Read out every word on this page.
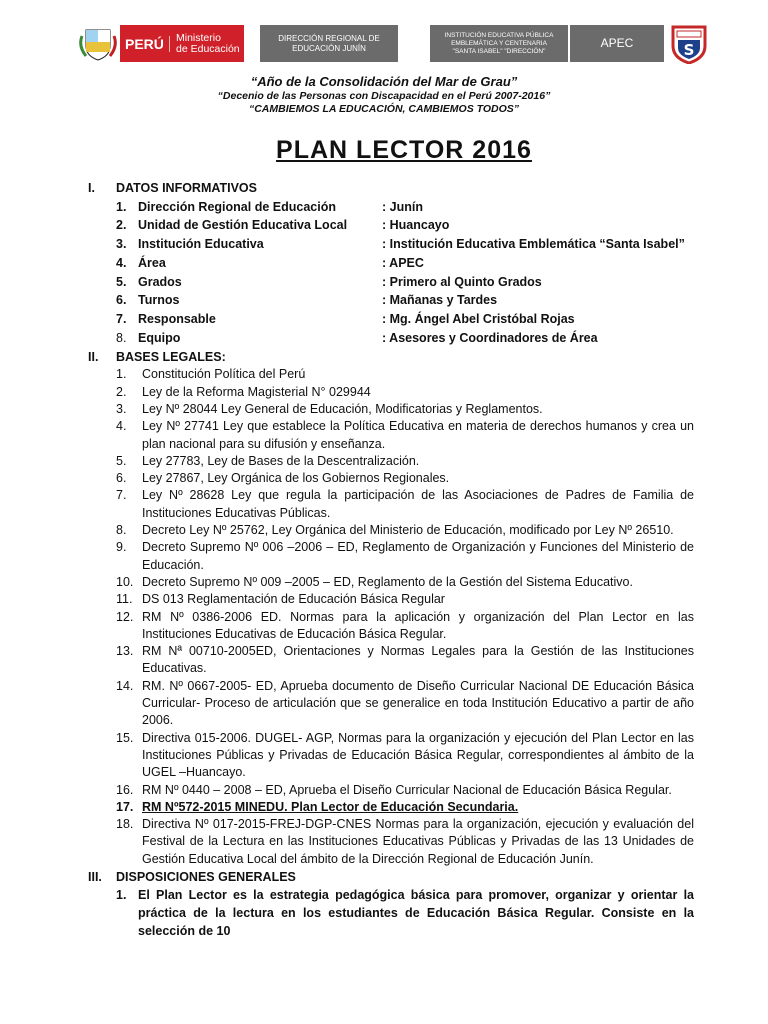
PERÚ	Ministerio
de Educación
DIRECCIÓN REGIONAL DE
EDUCACIÓN JUNÍN
INSTITUCIÓN EDUCATIVA PÚBLICA
EMBLEMÁTICA Y CENTENARIA
"SANTA ISABEL" "DIRECCIÓN"
APEC	S
“Año de la Consolidación del Mar de Grau”
“Decenio de las Personas con Discapacidad en el Perú 2007-2016”
“CAMBIEMOS LA EDUCACIÓN, CAMBIEMOS TODOS”
PLAN LECTOR 2016
I. DATOS INFORMATIVOS
1. Dirección Regional de Educación	: Junín
2. Unidad de Gestión Educativa Local	: Huancayo
3. Institución Educativa	: Institución Educativa Emblemática “Santa Isabel”
4. Área	: APEC
5. Grados	: Primero al Quinto Grados
6. Turnos	: Mañanas y Tardes
7. Responsable	: Mg. Ángel Abel Cristóbal Rojas
8. Equipo	: Asesores y Coordinadores de Área
II. BASES LEGALES:
1. Constitución Política del Perú
2. Ley de la Reforma Magisterial N° 029944
3. Ley Nº 28044 Ley General de Educación, Modificatorias y Reglamentos.
4. Ley Nº 27741 Ley que establece la Política Educativa en materia de derechos humanos y crea un plan nacional para su difusión y enseñanza.
5. Ley 27783, Ley de Bases de la Descentralización.
6. Ley 27867, Ley Orgánica de los Gobiernos Regionales.
7. Ley Nº 28628 Ley que regula la participación de las Asociaciones de Padres de Familia de Instituciones Educativas Públicas.
8. Decreto Ley Nº 25762, Ley Orgánica del Ministerio de Educación, modificado por Ley Nº 26510.
9. Decreto Supremo Nº 006 –2006 – ED, Reglamento de Organización y Funciones del Ministerio de Educación.
10. Decreto Supremo Nº 009 –2005 – ED, Reglamento de la Gestión del Sistema Educativo.
11. DS 013 Reglamentación de Educación Básica Regular
12. RM Nº 0386-2006 ED. Normas para la aplicación y organización del Plan Lector en las Instituciones Educativas de Educación Básica Regular.
13. RM Nª 00710-2005ED, Orientaciones y Normas Legales para la Gestión de las Instituciones Educativas.
14. RM. Nº 0667-2005- ED, Aprueba documento de Diseño Curricular Nacional DE Educación Básica Curricular- Proceso de articulación que se generalice en toda Institución Educativo a partir de año 2006.
15. Directiva 015-2006. DUGEL- AGP, Normas para la organización y ejecución del Plan Lector en las Instituciones Públicas y Privadas de Educación Básica Regular, correspondientes al ámbito de la UGEL –Huancayo.
16. RM Nº 0440 – 2008 – ED, Aprueba el Diseño Curricular Nacional de Educación Básica Regular.
17. RM Nº572-2015 MINEDU. Plan Lector de Educación Secundaria.
18. Directiva Nº 017-2015-FREJ-DGP-CNES Normas para la organización, ejecución y evaluación del Festival de la Lectura en las Instituciones Educativas Públicas y Privadas de las 13 Unidades de Gestión Educativa Local del ámbito de la Dirección Regional de Educación Junín.
III. DISPOSICIONES GENERALES
1. El Plan Lector es la estrategia pedagógica básica para promover, organizar y orientar la práctica de la lectura en los estudiantes de Educación Básica Regular. Consiste en la selección de 10
